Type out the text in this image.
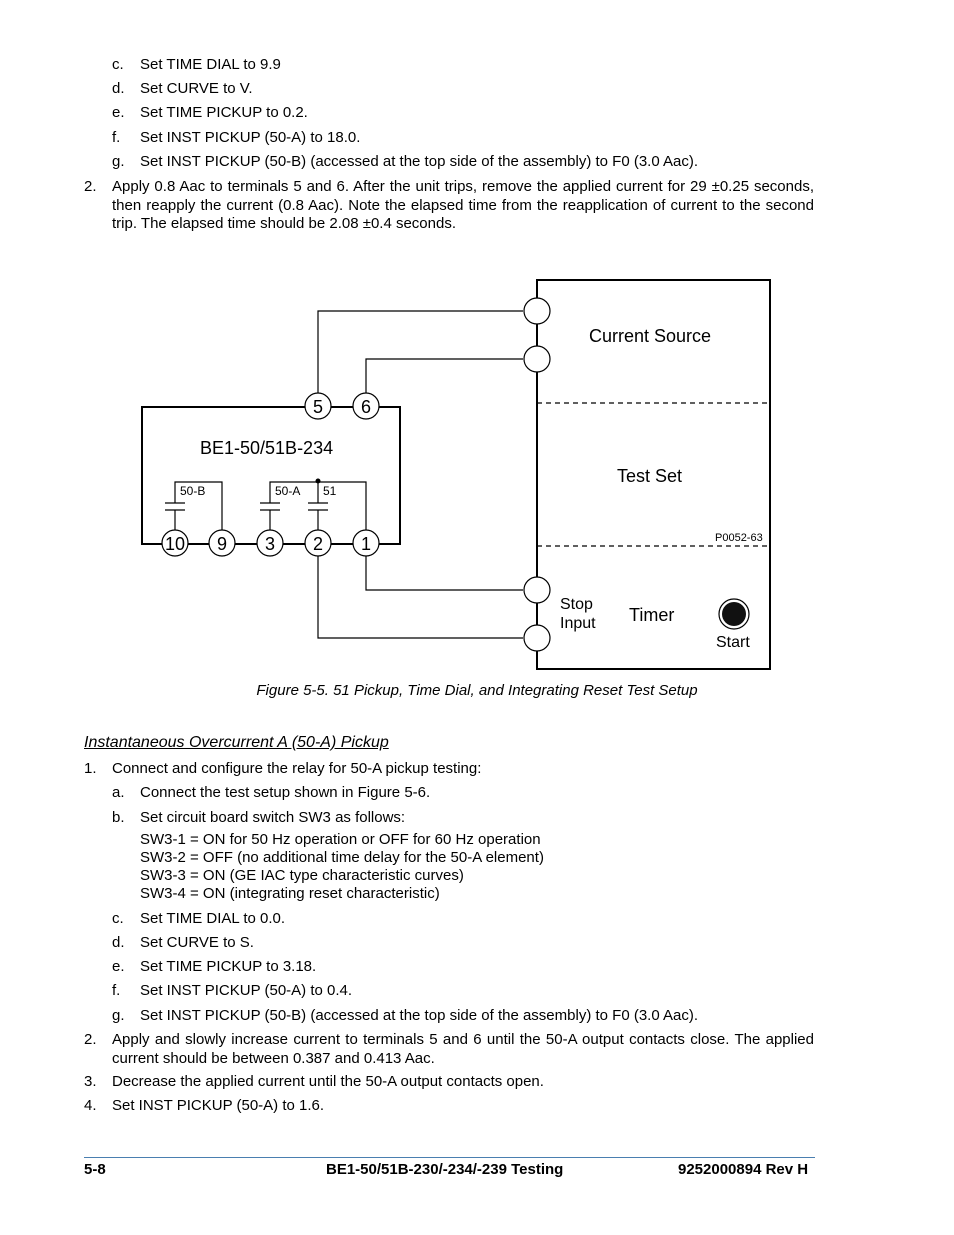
c.	Set TIME DIAL to 9.9
d.	Set CURVE to V.
e.	Set TIME PICKUP to 0.2.
f.	Set INST PICKUP (50-A) to 18.0.
g.	Set INST PICKUP (50-B) (accessed at the top side of the assembly) to F0 (3.0 Aac).
2.	Apply 0.8 Aac to terminals 5 and 6. After the unit trips, remove the applied current for 29 ±0.25 seconds, then reapply the current (0.8 Aac). Note the elapsed time from the reapplication of current to the second trip. The elapsed time should be 2.08 ±0.4 seconds.
5 6
10 9 3 2 1
BE1-50/51B-234
50-B	50-A 51
Current Source
Test Set
P0052-63
Stop
Input Timer
Start
Figure 5-5. 51 Pickup, Time Dial, and Integrating Reset Test Setup
Instantaneous Overcurrent A (50-A) Pickup
1.	Connect and configure the relay for 50-A pickup testing:
a.	Connect the test setup shown in Figure 5-6.
b.	Set circuit board switch SW3 as follows:
SW3-1 = ON for 50 Hz operation or OFF for 60 Hz operation
SW3-2 = OFF (no additional time delay for the 50-A element)
SW3-3 = ON (GE IAC type characteristic curves)
SW3-4 = ON (integrating reset characteristic)
c.	Set TIME DIAL to 0.0.
d.	Set CURVE to S.
e.	Set TIME PICKUP to 3.18.
f.	Set INST PICKUP (50-A) to 0.4.
g.	Set INST PICKUP (50-B) (accessed at the top side of the assembly) to F0 (3.0 Aac).
2.	Apply and slowly increase current to terminals 5 and 6 until the 50-A output contacts close. The applied current should be between 0.387 and 0.413 Aac.
3.	Decrease the applied current until the 50-A output contacts open.
4.	Set INST PICKUP (50-A) to 1.6.
5-8	BE1-50/51B-230/-234/-239 Testing	9252000894 Rev H
